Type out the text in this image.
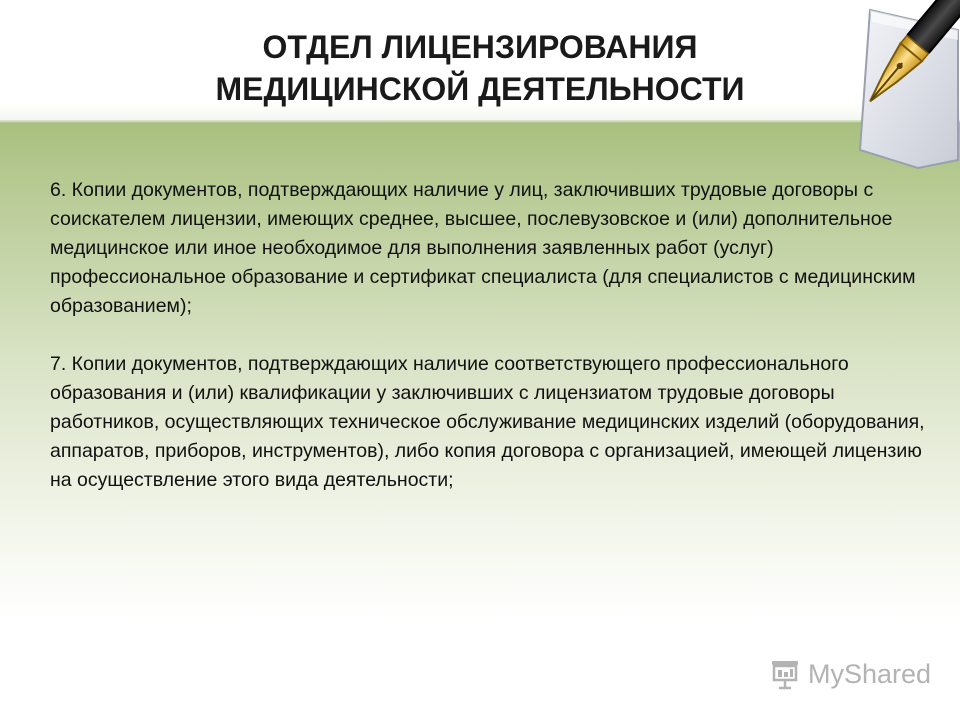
ОТДЕЛ ЛИЦЕНЗИРОВАНИЯ
МЕДИЦИНСКОЙ ДЕЯТЕЛЬНОСТИ

6. Копии документов, подтверждающих наличие у лиц, заключивших трудовые договоры с соискателем лицензии, имеющих среднее, высшее, послевузовское и (или) дополнительное медицинское или иное необходимое для выполнения заявленных работ (услуг) профессиональное образование и сертификат специалиста (для специалистов с медицинским образованием);

7. Копии документов, подтверждающих наличие соответствующего профессионального образования и (или) квалификации у заключивших с лицензиатом трудовые договоры работников, осуществляющих техническое обслуживание медицинских изделий (оборудования, аппаратов, приборов, инструментов), либо копия договора с организацией, имеющей лицензию на осуществление этого вида деятельности;

MyShared
